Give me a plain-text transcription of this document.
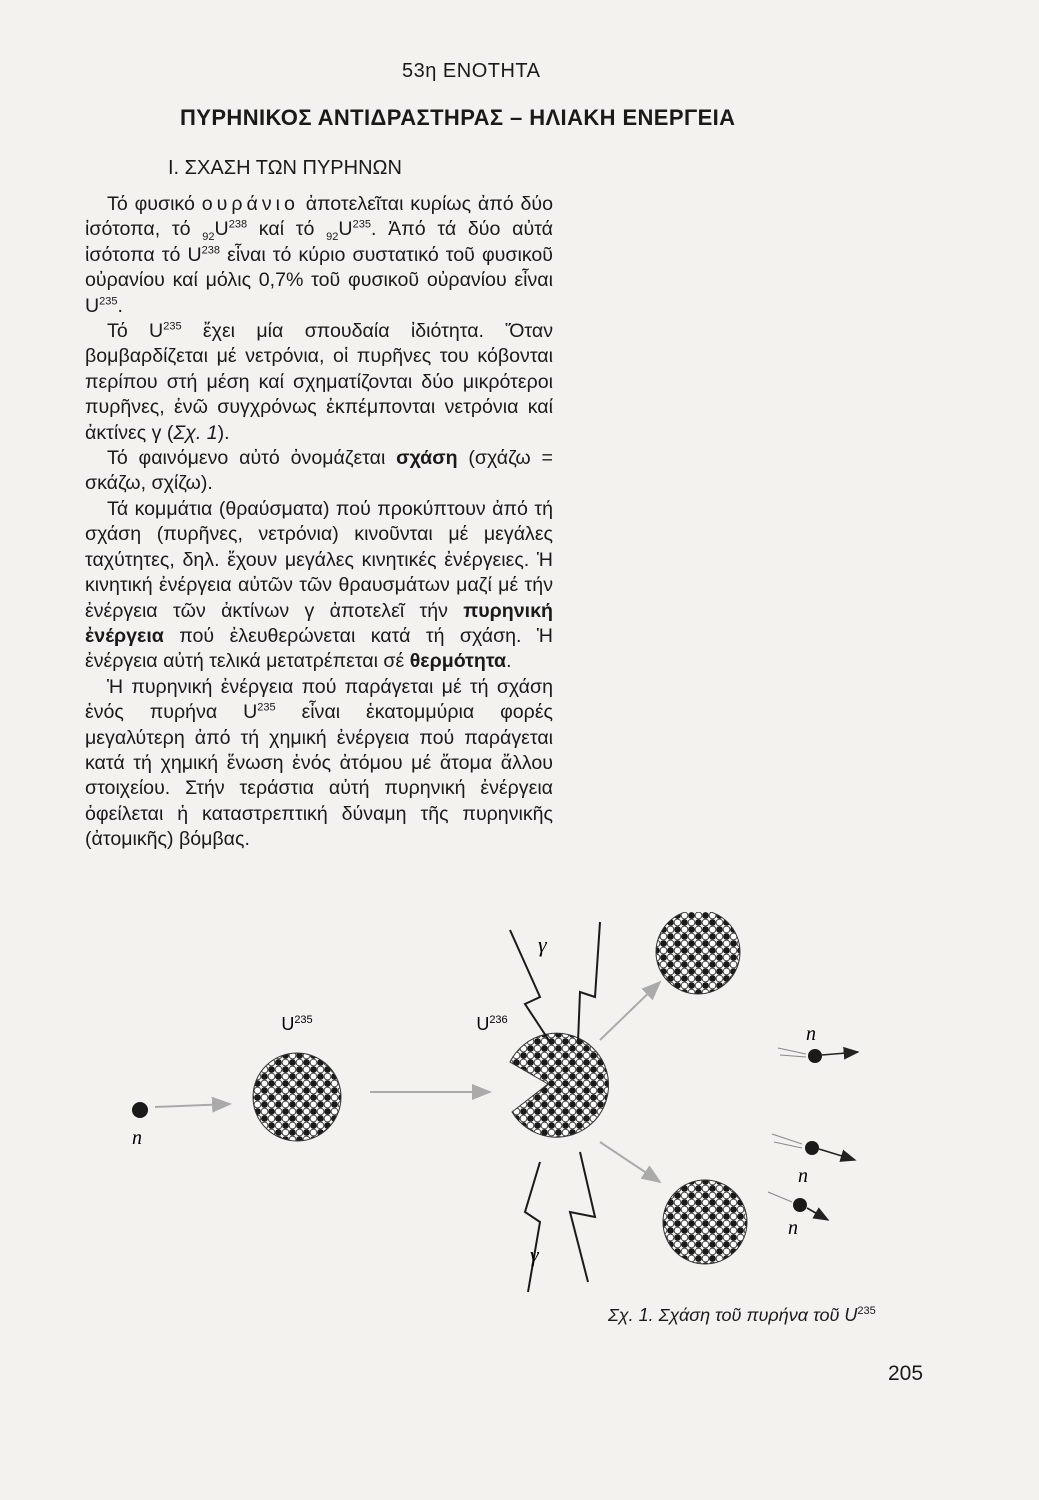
53η ΕΝΟΤΗΤΑ
ΠΥΡΗΝΙΚΟΣ ΑΝΤΙΔΡΑΣΤΗΡΑΣ – ΗΛΙΑΚΗ ΕΝΕΡΓΕΙΑ
Ι. ΣΧΑΣΗ ΤΩΝ ΠΥΡΗΝΩΝ

Τό φυσικό ουράνιο ἀποτελεῖται κυρίως ἀπό δύο ἰσότοπα, τό $_{92}U^{238}$ καί τό $_{92}U^{235}$. Ἀπό τά δύο αὐτά ἰσότοπα τό $U^{238}$ εἶναι τό κύριο συστατικό τοῦ φυσικοῦ οὐρανίου καί μόλις 0,7% τοῦ φυσικοῦ οὐρανίου εἶναι $U^{235}$.

Τό $U^{235}$ ἔχει μία σπουδαία ἰδιότητα. Ὅταν βομβαρδίζεται μέ νετρόνια, οἱ πυρῆνες του κόβονται περίπου στή μέση καί σχηματίζονται δύο μικρότεροι πυρῆνες, ἐνῶ συγχρόνως ἐκπέμπονται νετρόνια καί ἀκτίνες γ (Σχ. 1).

Τό φαινόμενο αὐτό ὀνομάζεται σχάση (σχάζω = σκάζω, σχίζω).

Τά κομμάτια (θραύσματα) πού προκύπτουν ἀπό τή σχάση (πυρῆνες, νετρόνια) κινοῦνται μέ μεγάλες ταχύτητες, δηλ. ἔχουν μεγάλες κινητικές ἐνέργειες. Ἡ κινητική ἐνέργεια αὐτῶν τῶν θραυσμάτων μαζί μέ τήν ἐνέργεια τῶν ἀκτίνων γ ἀποτελεῖ τήν πυρηνική ἐνέργεια πού ἐλευθερώνεται κατά τή σχάση. Ἡ ἐνέργεια αὐτή τελικά μετατρέπεται σέ θερμότητα.

Ἡ πυρηνική ἐνέργεια πού παράγεται μέ τή σχάση ἑνός πυρήνα $U^{235}$ εἶναι ἑκατομμύρια φορές μεγαλύτερη ἀπό τή χημική ἐνέργεια πού παράγεται κατά τή χημική ἕνωση ἑνός ἀτόμου μέ ἄτομα ἄλλου στοιχείου. Στήν τεράστια αὐτή πυρηνική ἐνέργεια ὀφείλεται ἡ καταστρεπτική δύναμη τῆς πυρηνικῆς (ἀτομικῆς) βόμβας.

n
$U^{235}$	$U^{236}$
γ
γ
n
n
n
Σχ. 1. Σχάση τοῦ πυρήνα τοῦ $U^{235}$
205
